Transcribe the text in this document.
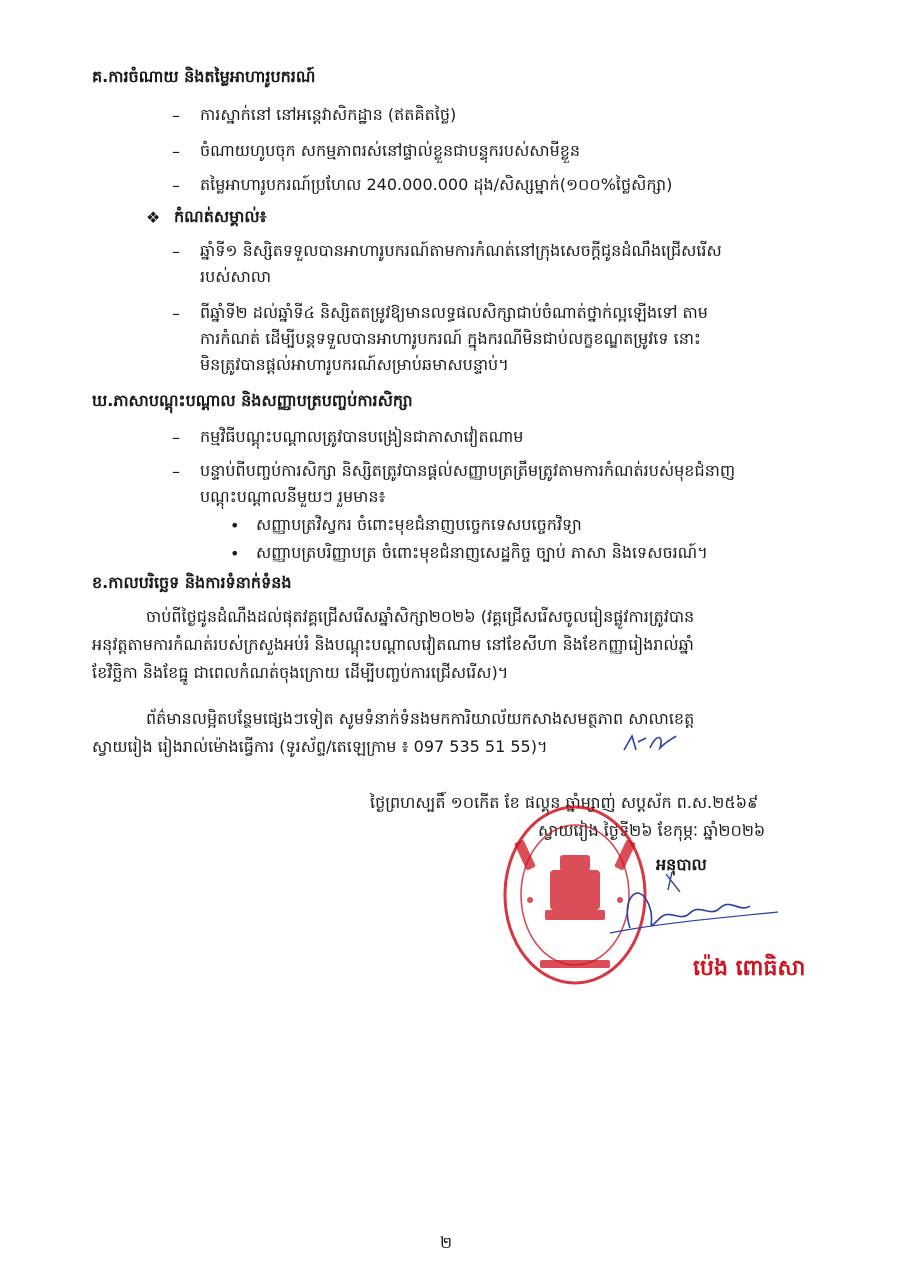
គ.ការចំណាយ និងតម្លៃអាហារូបករណ៍
– ការស្នាក់នៅ នៅអន្តេវាសិកដ្ឋាន (ឥតគិតថ្លៃ)
– ចំណាយហូបចុក សកម្មភាពរស់នៅផ្ទាល់ខ្លួនជាបន្ទុករបស់សាមីខ្លួន
– តម្លៃអាហារូបករណ៍ប្រហែល 240.000.000 ដុង/សិស្សម្នាក់(១០០%ថ្លៃសិក្សា)
❖ កំណត់សម្គាល់៖
– ឆ្នាំទី១ និស្សិតទទួលបានអាហារូបករណ៍តាមការកំណត់នៅក្រុងសេចក្ដីជូនដំណឹងជ្រើសរើស
របស់សាលា
– ពីឆ្នាំទី២ ដល់ឆ្នាំទី៤ និស្សិតតម្រូវឱ្យមានលទ្ធផលសិក្សាជាប់ចំណាត់ថ្នាក់ល្អឡើងទៅ តាម
ការកំណត់ ដើម្បីបន្តទទួលបានអាហារូបករណ៍ ក្នុងករណីមិនជាប់លក្ខខណ្ឌតម្រូវទេ នោះ
មិនត្រូវបានផ្ដល់អាហារូបករណ៍សម្រាប់ឆមាសបន្ទាប់។
ឃ.ភាសាបណ្តុះបណ្តាល និងសញ្ញាបត្របញ្ចប់ការសិក្សា
– កម្មវិធីបណ្តុះបណ្តាលត្រូវបានបង្រៀនជាភាសាវៀតណាម
– បន្ទាប់ពីបញ្ចប់ការសិក្សា និស្សិតត្រូវបានផ្ដល់សញ្ញាបត្រត្រឹមត្រូវតាមការកំណត់របស់មុខជំនាញ
បណ្តុះបណ្តាលនីមួយៗ រួមមាន៖
• សញ្ញាបត្រវិស្វករ ចំពោះមុខជំនាញបច្ចេកទេសបច្ចេកវិទ្យា
• សញ្ញាបត្របរិញ្ញាបត្រ ចំពោះមុខជំនាញសេដ្ឋកិច្ច ច្បាប់ ភាសា និងទេសចរណ៍។
ខ.កាលបរិច្ឆេទ និងការទំនាក់ទំនង
ចាប់ពីថ្ងៃជូនដំណឹងដល់ផុតវគ្គជ្រើសរើសឆ្នាំសិក្សា២០២៦ (វគ្គជ្រើសរើសចូលរៀនផ្លូវការត្រូវបាន
អនុវត្តតាមការកំណត់របស់ក្រសួងអប់រំ និងបណ្តុះបណ្តាលវៀតណាម នៅខែសីហា និងខែកញ្ញារៀងរាល់ឆ្នាំ
ខែវិច្ឆិកា និងខែធ្នូ ជាពេលកំណត់ចុងក្រោយ ដើម្បីបញ្ចប់ការជ្រើសរើស)។
ព័ត៌មានលម្អិតបន្ថែមផ្សេងៗទៀត សូមទំនាក់ទំនងមកការិយាល័យកសាងសមត្ថភាព សាលាខេត្ត
ស្វាយរៀង រៀងរាល់ម៉ោងធ្វើការ (ទូរស័ព្ទ/តេឡេក្រាម ៖ 097 535 51 55)។
ថ្ងៃព្រហស្បតិ៍ ១០កើត ខែ ផល្គុន ឆ្នាំម្សាញ់ សប្តស័ក ព.ស.២៥៦៩
ស្វាយរៀង ថ្ងៃទី២៦ ខែកុម្ភៈ ឆ្នាំ២០២៦
អនុបាល
ប៉េង ពោធិសា
២
